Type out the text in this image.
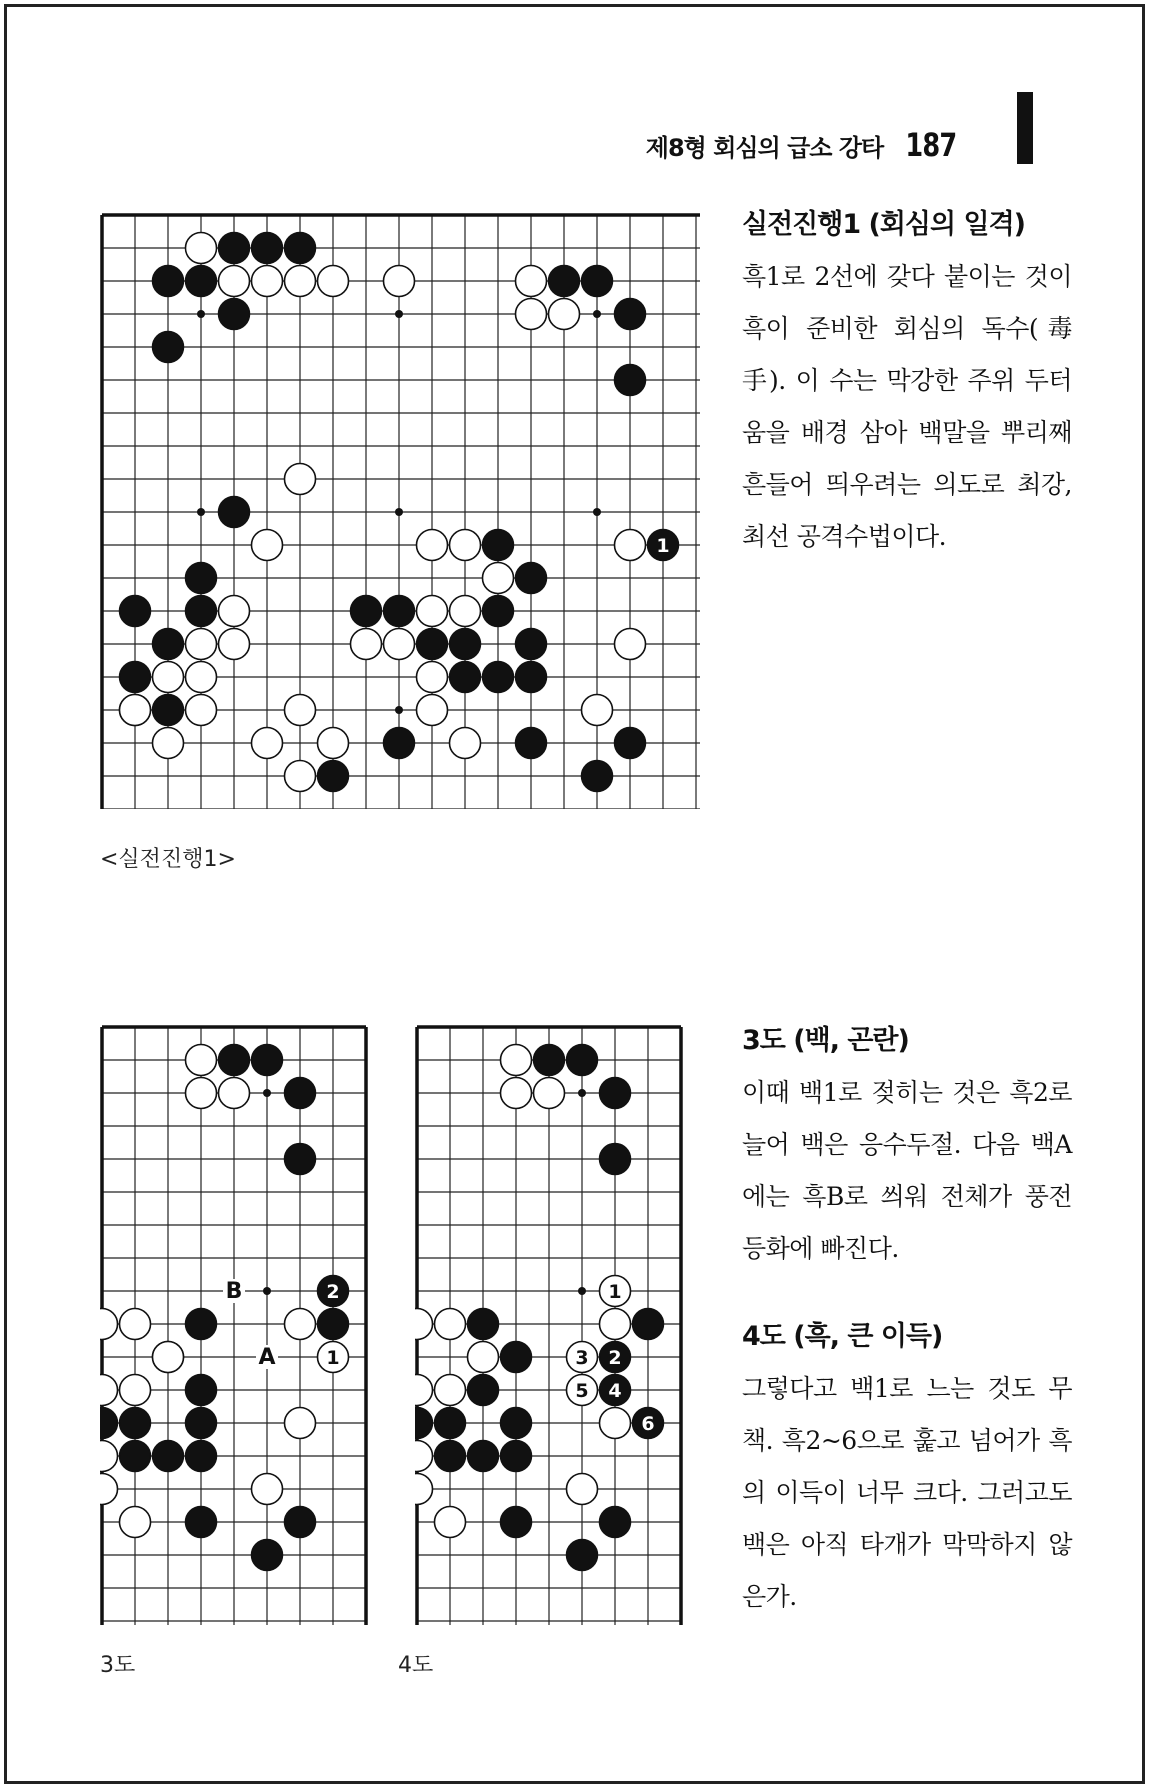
제8형 회심의 급소 강타 187
1
<실전진행1>
2
1
B
A
3도
1
2
3
4
5
6
4도

실전진행1 (회심의 일격)

흑1로 2선에 갖다 붙이는 것이 흑이 준비한 회심의 독수(毒手). 이 수는 막강한 주위 두터움을 배경 삼아 백말을 뿌리째 흔들어 띄우려는 의도로 최강, 최선 공격수법이다.

3도 (백, 곤란)

이때 백1로 젖히는 것은 흑2로 늘어 백은 응수두절. 다음 백A에는 흑B로 씌워 전체가 풍전등화에 빠진다.

4도 (흑, 큰 이득)

그렇다고 백1로 느는 것도 무책. 흑2~6으로 훑고 넘어가 흑의 이득이 너무 크다. 그러고도 백은 아직 타개가 막막하지 않은가.
